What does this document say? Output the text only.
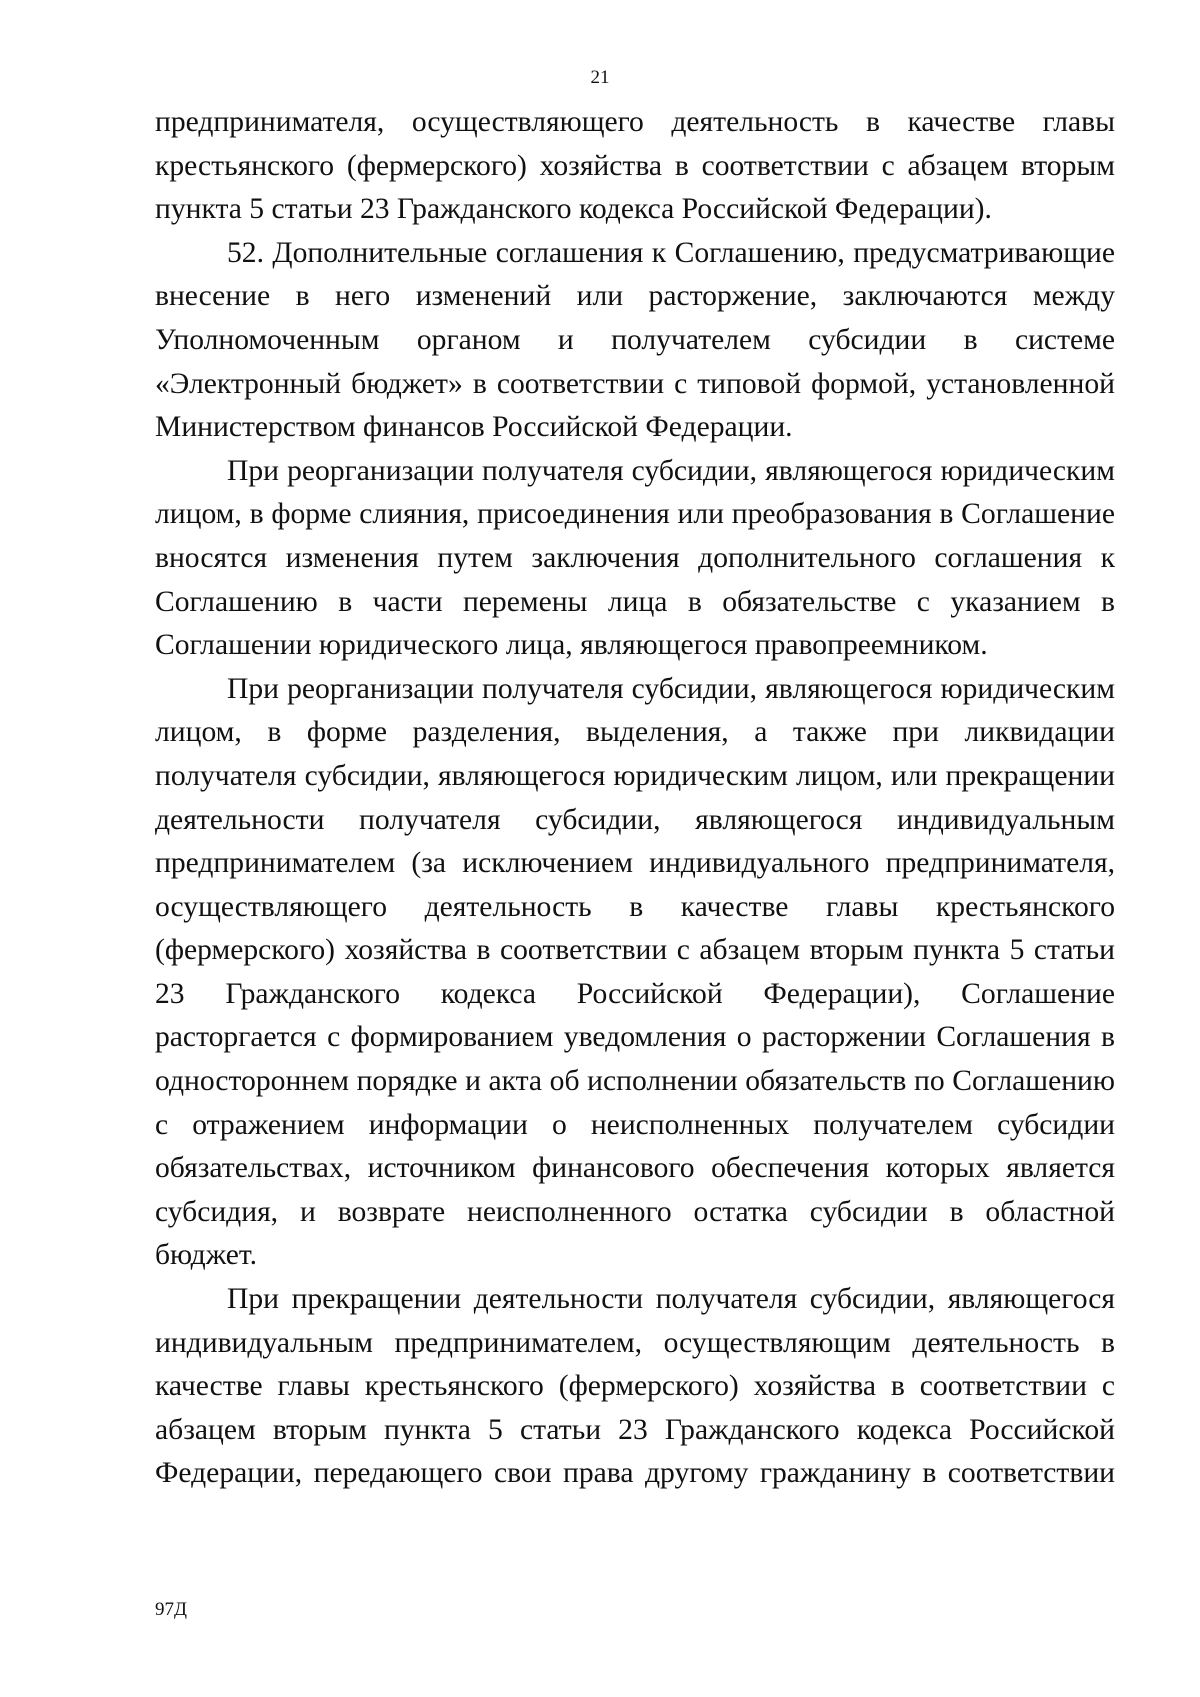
21

предпринимателя, осуществляющего деятельность в качестве главы крестьянского (фермерского) хозяйства в соответствии с абзацем вторым пункта 5 статьи 23 Гражданского кодекса Российской Федерации).

52. Дополнительные соглашения к Соглашению, предусматривающие внесение в него изменений или расторжение, заключаются между Уполномоченным органом и получателем субсидии в системе «Электронный бюджет» в соответствии с типовой формой, установленной Министерством финансов Российской Федерации.

При реорганизации получателя субсидии, являющегося юридическим лицом, в форме слияния, присоединения или преобразования в Соглашение вносятся изменения путем заключения дополнительного соглашения к Соглашению в части перемены лица в обязательстве с указанием в Соглашении юридического лица, являющегося правопреемником.

При реорганизации получателя субсидии, являющегося юридическим лицом, в форме разделения, выделения, а также при ликвидации получателя субсидии, являющегося юридическим лицом, или прекращении деятельности получателя субсидии, являющегося индивидуальным предпринимателем (за исключением индивидуального предпринимателя, осуществляющего деятельность в качестве главы крестьянского (фермерского) хозяйства в соответствии с абзацем вторым пункта 5 статьи 23 Гражданского кодекса Российской Федерации), Соглашение расторгается с формированием уведомления о расторжении Соглашения в одностороннем порядке и акта об исполнении обязательств по Соглашению с отражением информации о неисполненных получателем субсидии обязательствах, источником финансового обеспечения которых является субсидия, и возврате неисполненного остатка субсидии в областной бюджет.

При прекращении деятельности получателя субсидии, являющегося индивидуальным предпринимателем, осуществляющим деятельность в качестве главы крестьянского (фермерского) хозяйства в соответствии с абзацем вторым пункта 5 статьи 23 Гражданского кодекса Российской Федерации, передающего свои права другому гражданину в соответствии

97Д
